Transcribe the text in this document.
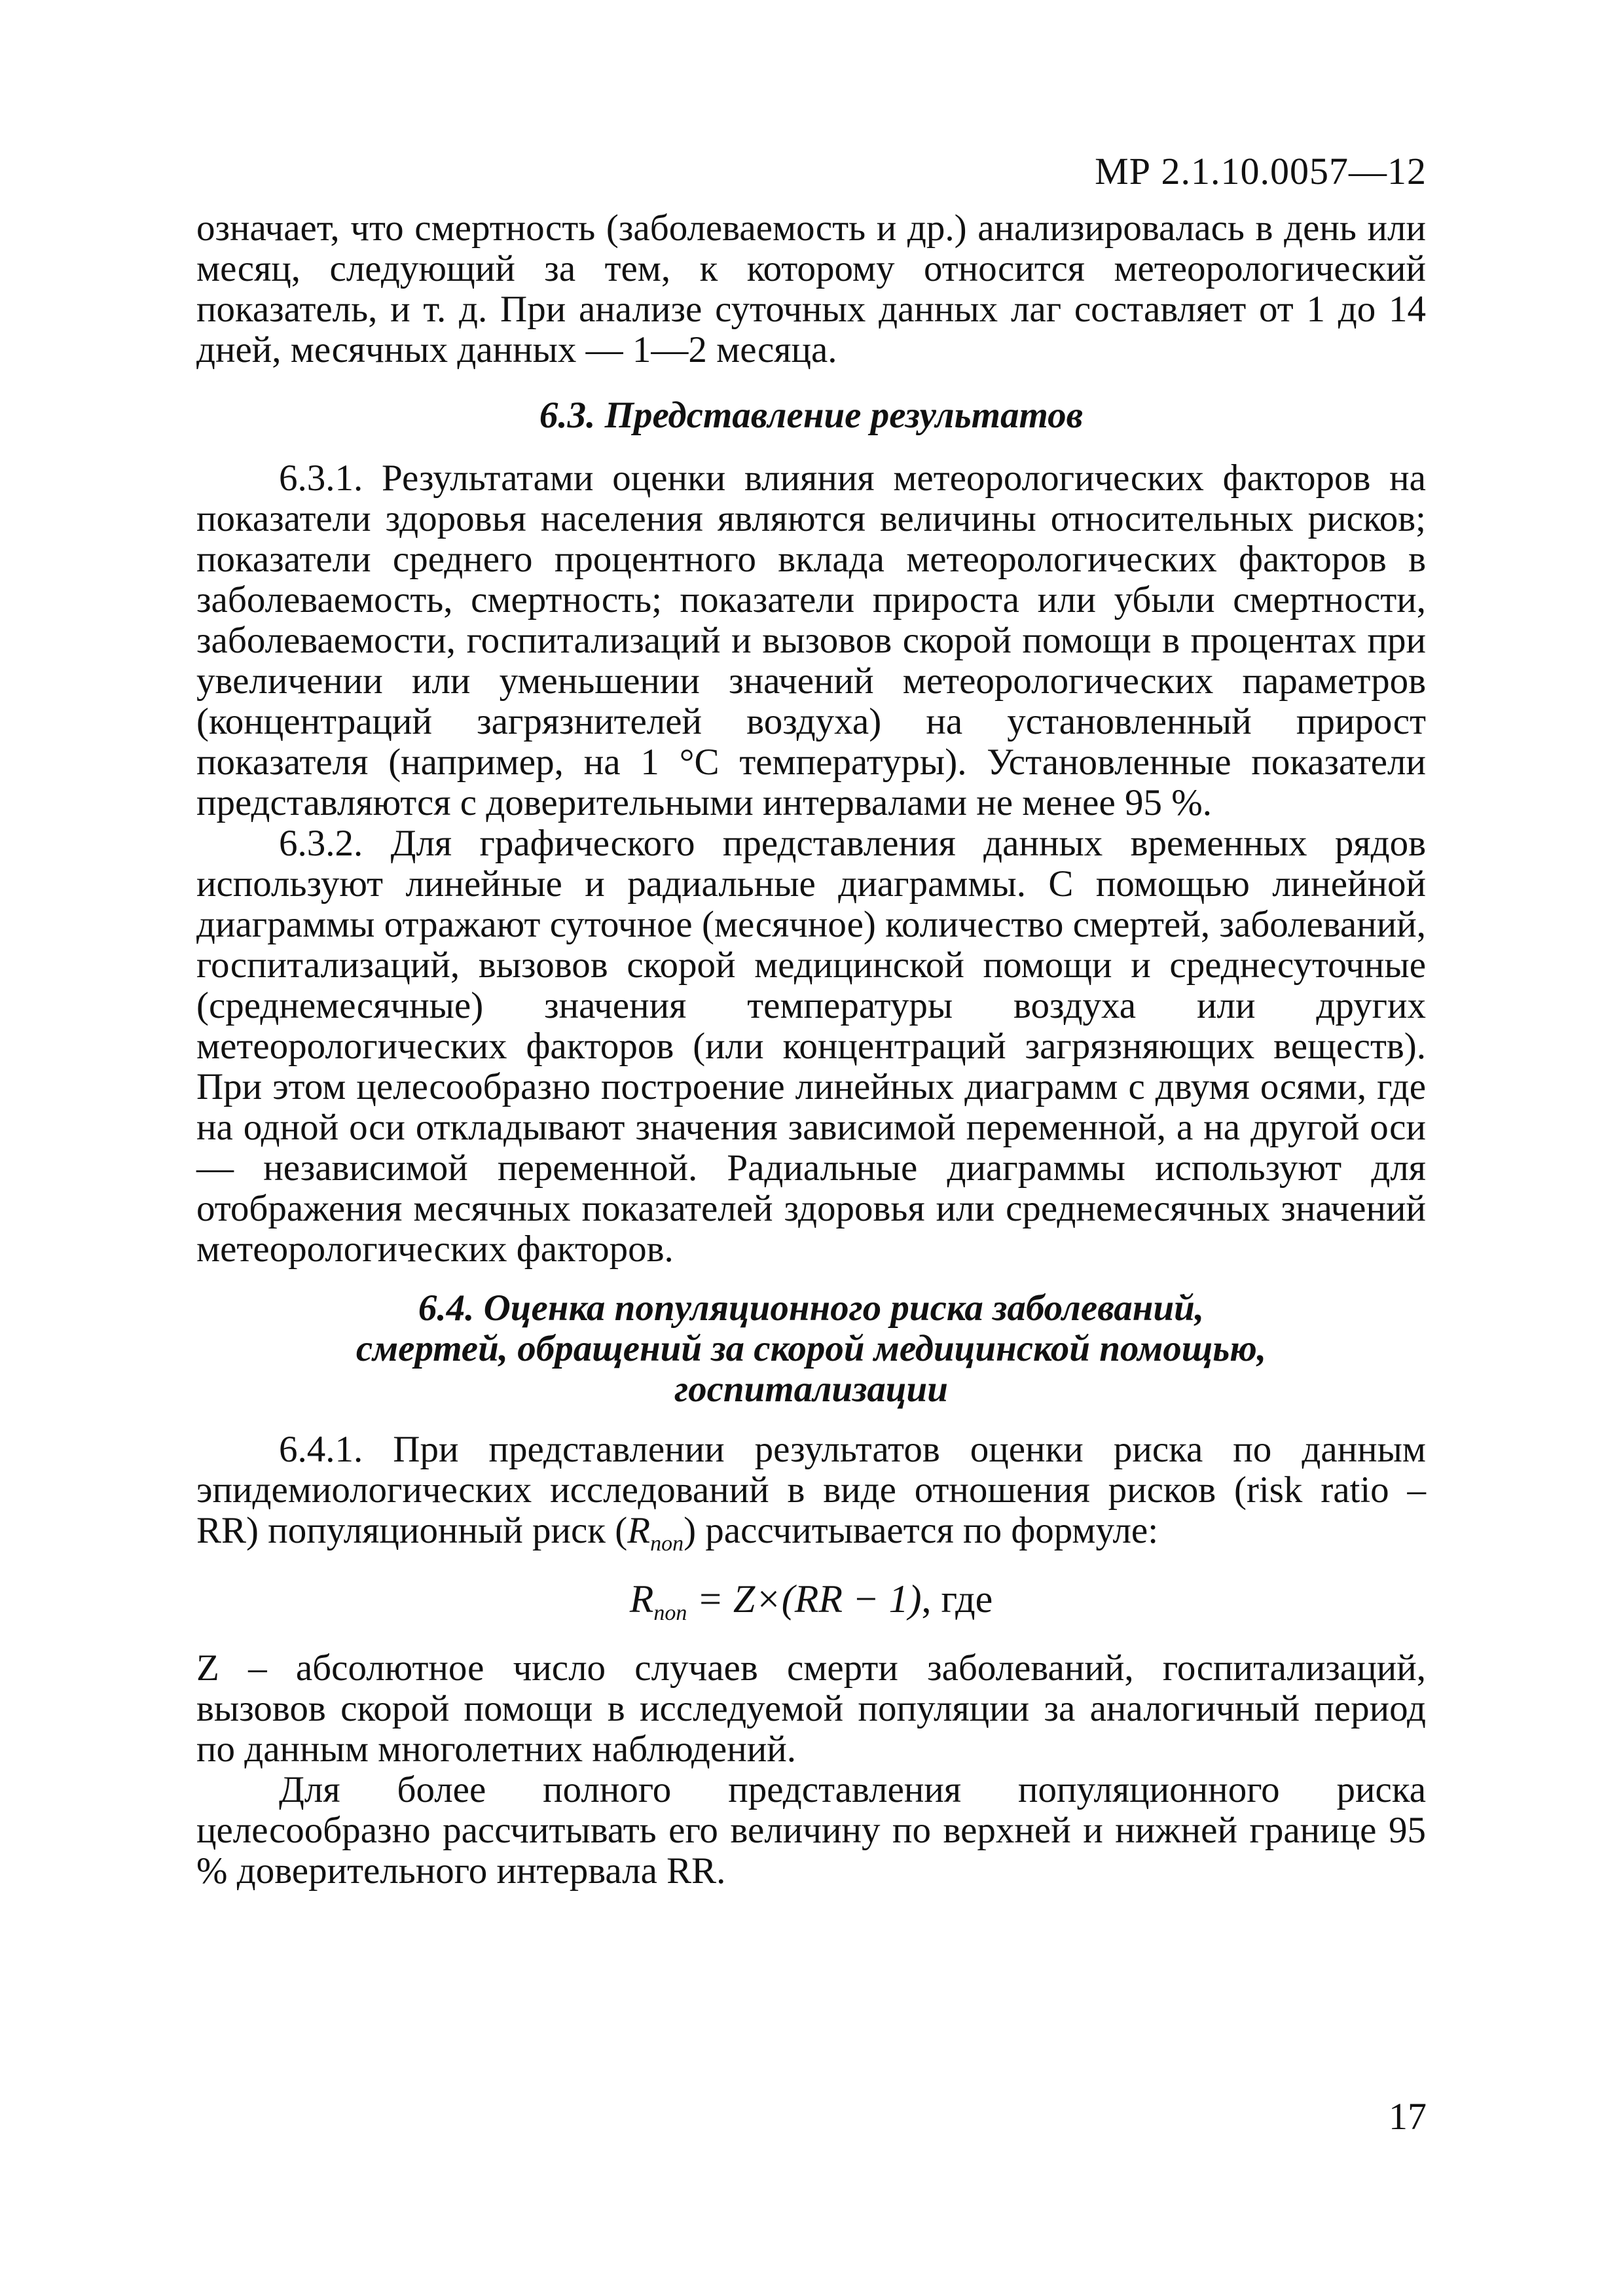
МР 2.1.10.0057—12

означает, что смертность (заболеваемость и др.) анализировалась в день или месяц, следующий за тем, к которому относится метеорологический показатель, и т. д. При анализе суточных данных лаг составляет от 1 до 14 дней, месячных данных — 1—2 месяца.

6.3. Представление результатов

6.3.1. Результатами оценки влияния метеорологических факторов на показатели здоровья населения являются величины относительных рисков; показатели среднего процентного вклада метеорологических факторов в заболеваемость, смертность; показатели прироста или убыли смертности, заболеваемости, госпитализаций и вызовов скорой помощи в процентах при увеличении или уменьшении значений метеорологических параметров (концентраций загрязнителей воздуха) на установленный прирост показателя (например, на 1 °С температуры). Установленные показатели представляются с доверительными интервалами не менее 95 %.

6.3.2. Для графического представления данных временных рядов используют линейные и радиальные диаграммы. С помощью линейной диаграммы отражают суточное (месячное) количество смертей, заболеваний, госпитализаций, вызовов скорой медицинской помощи и среднесуточные (среднемесячные) значения температуры воздуха или других метеорологических факторов (или концентраций загрязняющих веществ). При этом целесообразно построение линейных диаграмм с двумя осями, где на одной оси откладывают значения зависимой переменной, а на другой оси — независимой переменной. Радиальные диаграммы используют для отображения месячных показателей здоровья или среднемесячных значений метеорологических факторов.

6.4. Оценка популяционного риска заболеваний,
смертей, обращений за скорой медицинской помощью,
госпитализации

6.4.1. При представлении результатов оценки риска по данным эпидемиологических исследований в виде отношения рисков (risk ratio – RR) популяционный риск $(R_{поп})$ рассчитывается по формуле:

$R_{поп} = Z\times(RR - 1)$, где

Z – абсолютное число случаев смерти заболеваний, госпитализаций, вызовов скорой помощи в исследуемой популяции за аналогичный период по данным многолетних наблюдений.

Для более полного представления популяционного риска целесообразно рассчитывать его величину по верхней и нижней границе 95 % доверительного интервала RR.

17
